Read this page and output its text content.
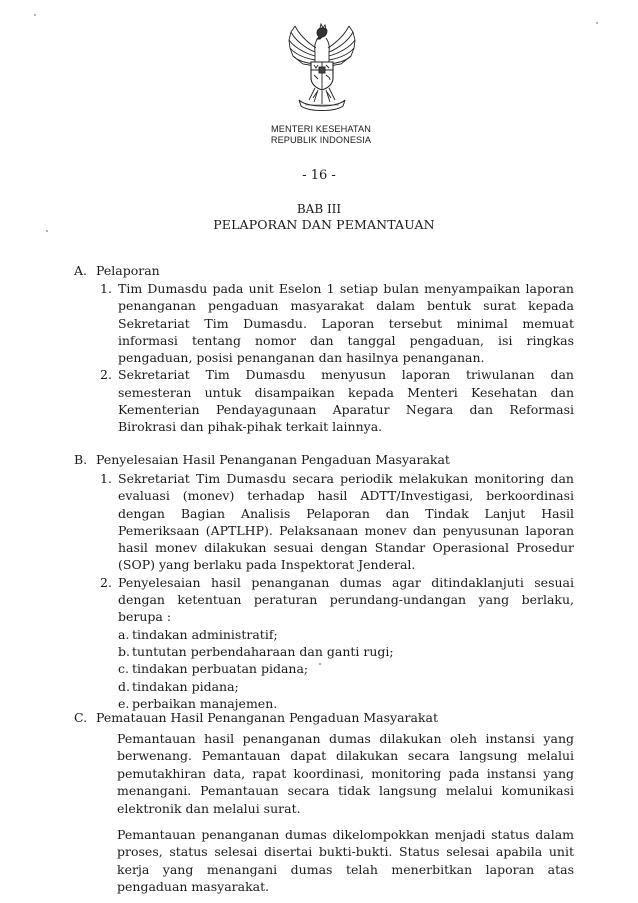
MENTERI KESEHATAN
REPUBLIK INDONESIA
- 16 -
BAB III
PELAPORAN DAN PEMANTAUAN
A. Pelaporan
1. Tim Dumasdu pada unit Eselon 1 setiap bulan menyampaikan laporan penanganan pengaduan masyarakat dalam bentuk surat kepada Sekretariat Tim Dumasdu. Laporan tersebut minimal memuat informasi tentang nomor dan tanggal pengaduan, isi ringkas pengaduan, posisi penanganan dan hasilnya penanganan.
2. Sekretariat Tim Dumasdu menyusun laporan triwulanan dan semesteran untuk disampaikan kepada Menteri Kesehatan dan Kementerian Pendayagunaan Aparatur Negara dan Reformasi Birokrasi dan pihak-pihak terkait lainnya.
B. Penyelesaian Hasil Penanganan Pengaduan Masyarakat
1. Sekretariat Tim Dumasdu secara periodik melakukan monitoring dan evaluasi (monev) terhadap hasil ADTT/Investigasi, berkoordinasi dengan Bagian Analisis Pelaporan dan Tindak Lanjut Hasil Pemeriksaan (APTLHP). Pelaksanaan monev dan penyusunan laporan hasil monev dilakukan sesuai dengan Standar Operasional Prosedur (SOP) yang berlaku pada Inspektorat Jenderal.
2. Penyelesaian hasil penanganan dumas agar ditindaklanjuti sesuai dengan ketentuan peraturan perundang-undangan yang berlaku, berupa :
a. tindakan administratif;
b. tuntutan perbendaharaan dan ganti rugi;
c. tindakan perbuatan pidana;
d. tindakan pidana;
e. perbaikan manajemen.
C. Pematauan Hasil Penanganan Pengaduan Masyarakat
Pemantauan hasil penanganan dumas dilakukan oleh instansi yang berwenang. Pemantauan dapat dilakukan secara langsung melalui pemutakhiran data, rapat koordinasi, monitoring pada instansi yang menangani. Pemantauan secara tidak langsung melalui komunikasi elektronik dan melalui surat.
Pemantauan penanganan dumas dikelompokkan menjadi status dalam proses, status selesai disertai bukti-bukti. Status selesai apabila unit kerja yang menangani dumas telah menerbitkan laporan atas pengaduan masyarakat.
